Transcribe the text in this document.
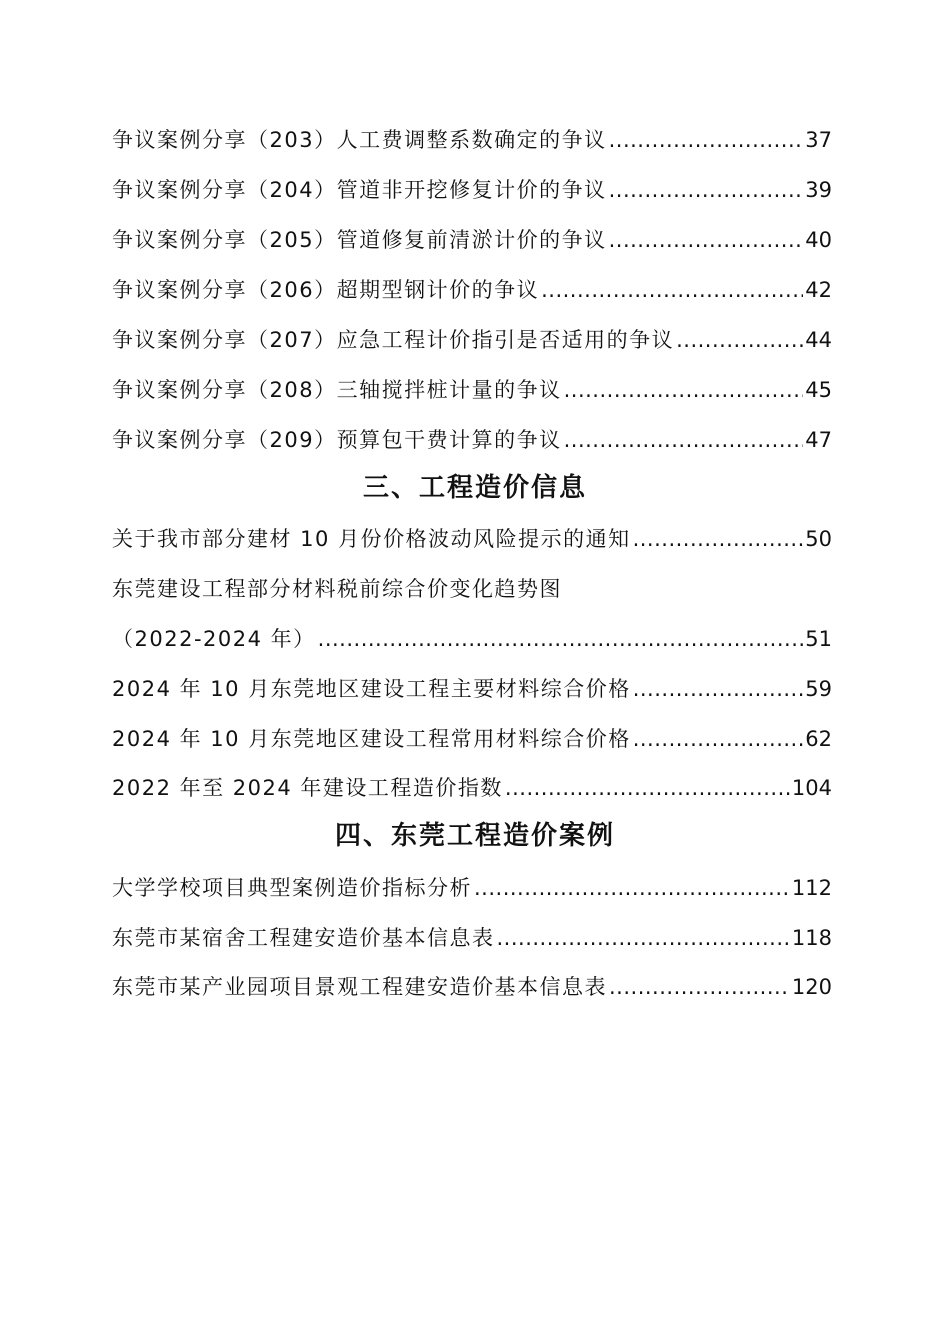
争议案例分享（203）人工费调整系数确定的争议 .....	37
争议案例分享（204）管道非开挖修复计价的争议 .....	39
争议案例分享（205）管道修复前清淤计价的争议 .....	40
争议案例分享（206）超期型钢计价的争议 .....	42
争议案例分享（207）应急工程计价指引是否适用的争议 .....	44
争议案例分享（208）三轴搅拌桩计量的争议 .....	45
争议案例分享（209）预算包干费计算的争议 .....	47
三、工程造价信息
关于我市部分建材 10 月份价格波动风险提示的通知 .....	50
东莞建设工程部分材料税前综合价变化趋势图
（2022-2024 年） .....	51
2024 年 10 月东莞地区建设工程主要材料综合价格 .....	59
2024 年 10 月东莞地区建设工程常用材料综合价格 .....	62
2022 年至 2024 年建设工程造价指数 .....	104
四、东莞工程造价案例
大学学校项目典型案例造价指标分析 .....	112
东莞市某宿舍工程建安造价基本信息表 .....	118
东莞市某产业园项目景观工程建安造价基本信息表 .....	120
